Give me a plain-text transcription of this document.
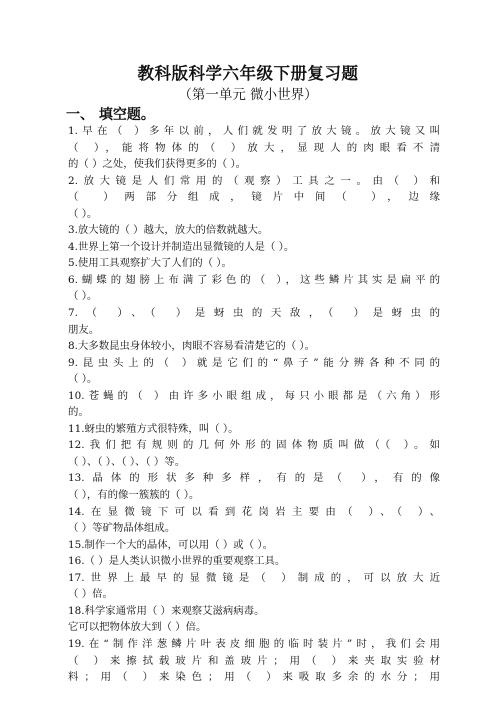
教科版科学六年级下册复习题
（第一单元 微小世界）
一、 填空题。
1.早在（ ）多年以前，人们就发明了放大镜。放大镜又叫
（ ），能将物体的（ ）放大，显现人的肉眼看不清
的（ ）之处，使我们获得更多的（ ）。
2.放大镜是人们常用的（观察）工具之一。由（ ）和
（ ）两部分组成，镜片中间（ ），边缘
（ ）。
3.放大镜的（ ）越大，放大的倍数就越大。
4.世界上第一个设计并制造出显微镜的人是（ ）。
5.使用工具观察扩大了人们的（ ）。
6.蝴蝶的翅膀上布满了彩色的（ ），这些鳞片其实是扁平的
（ ）。
7.（ ）、（ ）是蚜虫的天敌，（ ）是蚜虫的
朋友。
8.大多数昆虫身体较小，肉眼不容易看清楚它的（ ）。
9.昆虫头上的（ ）就是它们的“鼻子”能分辨各种不同的
（ ）。
10.苍蝇的（ ）由许多小眼组成，每只小眼都是（六角）形
的。
11.蚜虫的繁殖方式很特殊，叫（ ）。
12.我们把有规则的几何外形的固体物质叫做（（ ）。如
（ ）、（ ）、（ ）、（ ）等。
13.晶体的形状多种多样，有的是（ ），有的像
（ ），有的像一簇簇的（ ）。
14.在显微镜下可以看到花岗岩主要由（ ）、（ ）、
（ ）等矿物晶体组成。
15.制作一个大的晶体，可以用（ ）或（ ）。
16.（ ）是人类认识微小世界的重要观察工具。
17.世界上最早的显微镜是（ ）制成的，可以放大近
（ ）倍。
18.科学家通常用（ ）来观察艾滋病病毒。
它可以把物体放大到（ ）倍。
19.在“制作洋葱鳞片叶表皮细胞的临时装片”时，我们会用
（ ）来擦拭载玻片和盖玻片；用（ ）来夹取实验材
料；用（ ）来染色；用（ ）来吸取多余的水分；用
